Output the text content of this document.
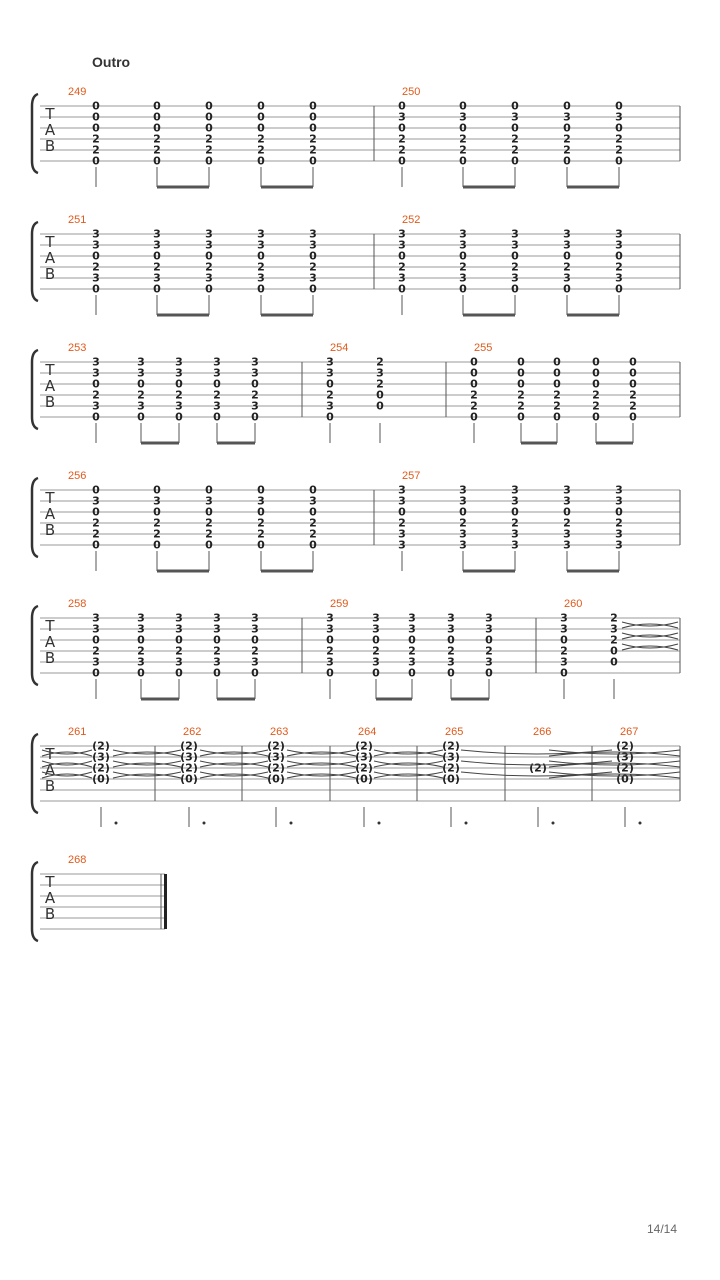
Outro
T
A
B
249
0
0
0
2
2
0
0
0
0
2
2
0
0
0
0
2
2
0
0
0
0
2
2
0
0
0
0
2
2
0
250
0
3
0
2
2
0
0
3
0
2
2
0
0
3
0
2
2
0
0
3
0
2
2
0
0
3
0
2
2
0
T
A
B
251
3
3
0
2
3
0
3
3
0
2
3
0
3
3
0
2
3
0
3
3
0
2
3
0
3
3
0
2
3
0
252
3
3
0
2
3
0
3
3
0
2
3
0
3
3
0
2
3
0
3
3
0
2
3
0
3
3
0
2
3
0
T
A
B
253
3
3
0
2
3
0
3
3
0
2
3
0
3
3
0
2
3
0
3
3
0
2
3
0
3
3
0
2
3
0
254
3
3
0
2
3
0
2
3
2
0
0
255
0
0
0
2
2
0
0
0
0
2
2
0
0
0
0
2
2
0
0
0
0
2
2
0
0
0
0
2
2
0
T
A
B
256
0
3
0
2
2
0
0
3
0
2
2
0
0
3
0
2
2
0
0
3
0
2
2
0
0
3
0
2
2
0
257
3
3
0
2
3
3
3
3
0
2
3
3
3
3
0
2
3
3
3
3
0
2
3
3
3
3
0
2
3
3
T
A
B
258
3
3
0
2
3
0
3
3
0
2
3
0
3
3
0
2
3
0
3
3
0
2
3
0
3
3
0
2
3
0
259
3
3
0
2
3
0
3
3
0
2
3
0
3
3
0
2
3
0
3
3
0
2
3
0
3
3
0
2
3
0
260
3
3
0
2
3
0
2
3
2
0
0
T
A
B
261
(2)
(3)
(2)
(0)
262
(2)
(3)
(2)
(0)
263
(2)
(3)
(2)
(0)
264
(2)
(3)
(2)
(0)
265
(2)
(3)
(2)
(0)
266
(2)
267
(2)
(3)
(2)
(0)
T
A
B
268
14/14
